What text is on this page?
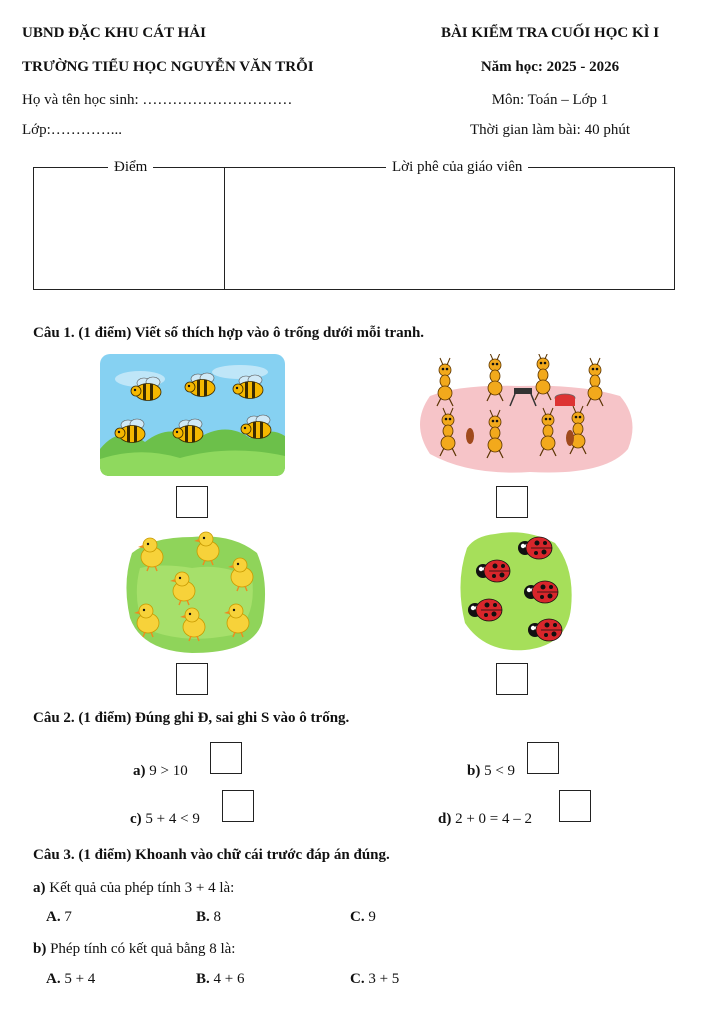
UBND ĐẶC KHU CÁT HẢI
TRƯỜNG TIỂU HỌC NGUYỄN VĂN TRỖI
Họ và tên học sinh: …………………………
Lớp:…………...
BÀI KIỂM TRA CUỐI HỌC KÌ I
Năm học: 2025 - 2026
Môn: Toán – Lớp 1
Thời gian làm bài: 40 phút
Điểm	Lời phê của giáo viên
Câu 1. (1 điểm) Viết số thích hợp vào ô trống dưới mỗi tranh.
Câu 2. (1 điểm) Đúng ghi Đ, sai ghi S vào ô trống.
a) 9 > 10	b) 5 < 9
c) 5 + 4 < 9	d) 2 + 0 = 4 – 2
Câu 3. (1 điểm) Khoanh vào chữ cái trước đáp án đúng.
a) Kết quả của phép tính 3 + 4 là:
A. 7	B. 8	C. 9
b) Phép tính có kết quả bằng 8 là:
A. 5 + 4	B. 4 + 6	C. 3 + 5
